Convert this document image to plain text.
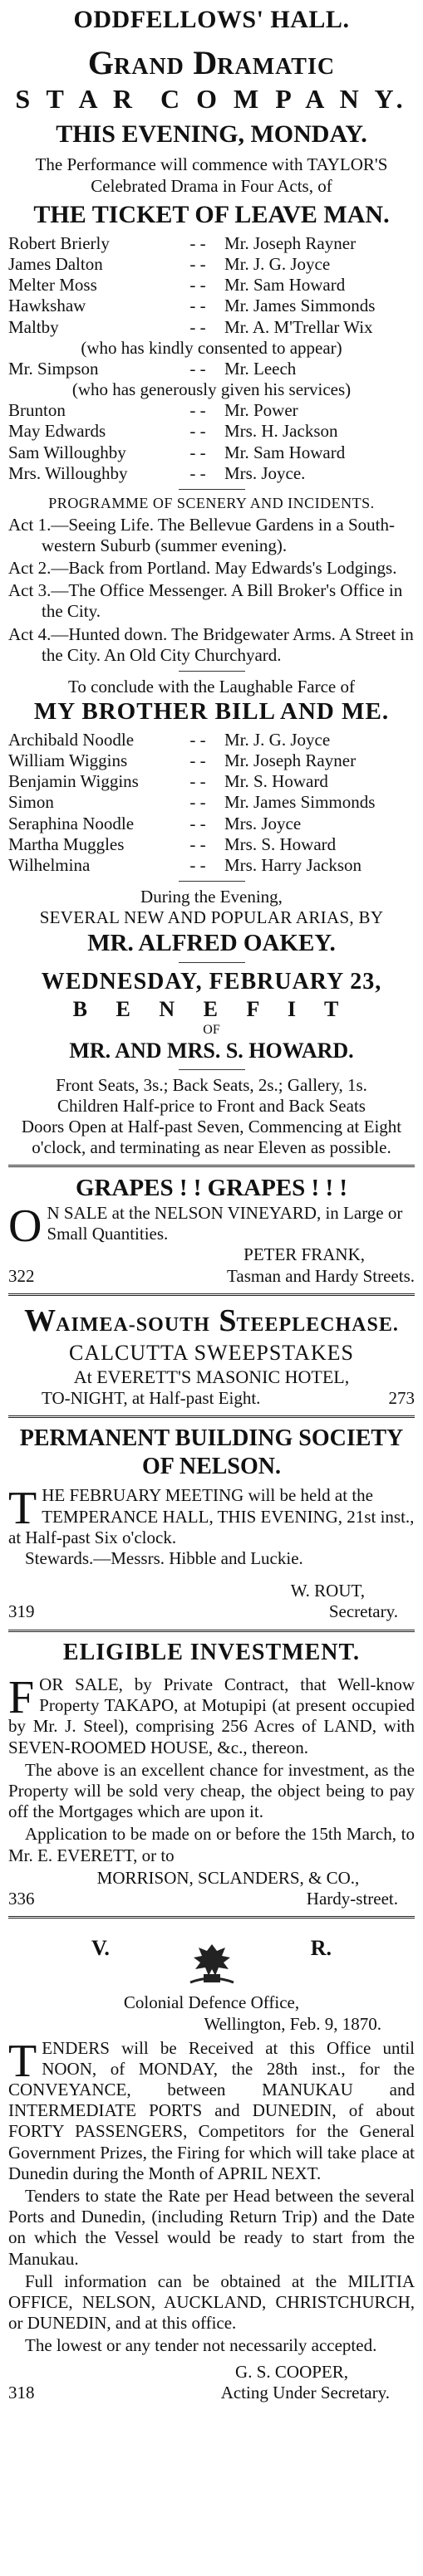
ODDFELLOWS' HALL.
GRAND DRAMATIC
S T A R  C O M P A N Y.
THIS EVENING, MONDAY.
The Performance will commence with TAYLOR'S Celebrated Drama in Four Acts, of
THE TICKET OF LEAVE MAN.
Robert Brierly	- -	Mr. Joseph Rayner
James Dalton	- -	Mr. J. G. Joyce
Melter Moss	- -	Mr. Sam Howard
Hawkshaw	- -	Mr. James Simmonds
Maltby	- -	Mr. A. M'Trellar Wix
(who has kindly consented to appear)
Mr. Simpson	- -	Mr. Leech
(who has generously given his services)
Brunton	- -	Mr. Power
May Edwards	- -	Mrs. H. Jackson
Sam Willoughby	- -	Mr. Sam Howard
Mrs. Willoughby	- -	Mrs. Joyce.
PROGRAMME OF SCENERY AND INCIDENTS.
Act 1.—Seeing Life. The Bellevue Gardens in a South-western Suburb (summer evening).
Act 2.—Back from Portland. May Edwards's Lodgings.
Act 3.—The Office Messenger. A Bill Broker's Office in the City.
Act 4.—Hunted down. The Bridgewater Arms. A Street in the City. An Old City Churchyard.
To conclude with the Laughable Farce of
MY BROTHER BILL AND ME.
Archibald Noodle	- -	Mr. J. G. Joyce
William Wiggins	- -	Mr. Joseph Rayner
Benjamin Wiggins	- -	Mr. S. Howard
Simon	- -	Mr. James Simmonds
Seraphina Noodle	- -	Mrs. Joyce
Martha Muggles	- -	Mrs. S. Howard
Wilhelmina	- -	Mrs. Harry Jackson
During the Evening,
SEVERAL NEW AND POPULAR ARIAS, BY
MR. ALFRED OAKEY.
WEDNESDAY, FEBRUARY 23,
B E N E F I T
OF
MR. AND MRS. S. HOWARD.
Front Seats, 3s.; Back Seats, 2s.; Gallery, 1s.
Children Half-price to Front and Back Seats
Doors Open at Half-past Seven, Commencing at Eight o'clock, and terminating as near Eleven as possible.
GRAPES ! ! GRAPES ! ! !
O N SALE at the NELSON VINEYARD, in Large or Small Quantities.
PETER FRANK,
322	Tasman and Hardy Streets.
WAIMEA-SOUTH STEEPLECHASE.
CALCUTTA SWEEPSTAKES
At EVERETT'S MASONIC HOTEL,
TO-NIGHT, at Half-past Eight.	273
PERMANENT BUILDING SOCIETY
OF NELSON.
T HE FEBRUARY MEETING will be held at the TEMPERANCE HALL, THIS EVENING, 21st inst., at Half-past Six o'clock.
Stewards.—Messrs. Hibble and Luckie.
W. ROUT,
319	Secretary.
ELIGIBLE INVESTMENT.
F OR SALE, by Private Contract, that Well-know Property TAKAPO, at Motupipi (at present occupied by Mr. J. Steel), comprising 256 Acres of LAND, with SEVEN-ROOMED HOUSE, &c., thereon.
The above is an excellent chance for investment, as the Property will be sold very cheap, the object being to pay off the Mortgages which are upon it.
Application to be made on or before the 15th March, to Mr. E. EVERETT, or to
MORRISON, SCLANDERS, & CO.,
336	Hardy-street.
V.	R.
Colonial Defence Office,
Wellington, Feb. 9, 1870.
T ENDERS will be Received at this Office until NOON, of MONDAY, the 28th inst., for the CONVEYANCE, between MANUKAU and INTERMEDIATE PORTS and DUNEDIN, of about FORTY PASSENGERS, Competitors for the General Government Prizes, the Firing for which will take place at Dunedin during the Month of APRIL NEXT.
Tenders to state the Rate per Head between the several Ports and Dunedin, (including Return Trip) and the Date on which the Vessel would be ready to start from the Manukau.
Full information can be obtained at the MILITIA OFFICE, NELSON, AUCKLAND, CHRISTCHURCH, or DUNEDIN, and at this office.
The lowest or any tender not necessarily accepted.
G. S. COOPER,
318	Acting Under Secretary.
